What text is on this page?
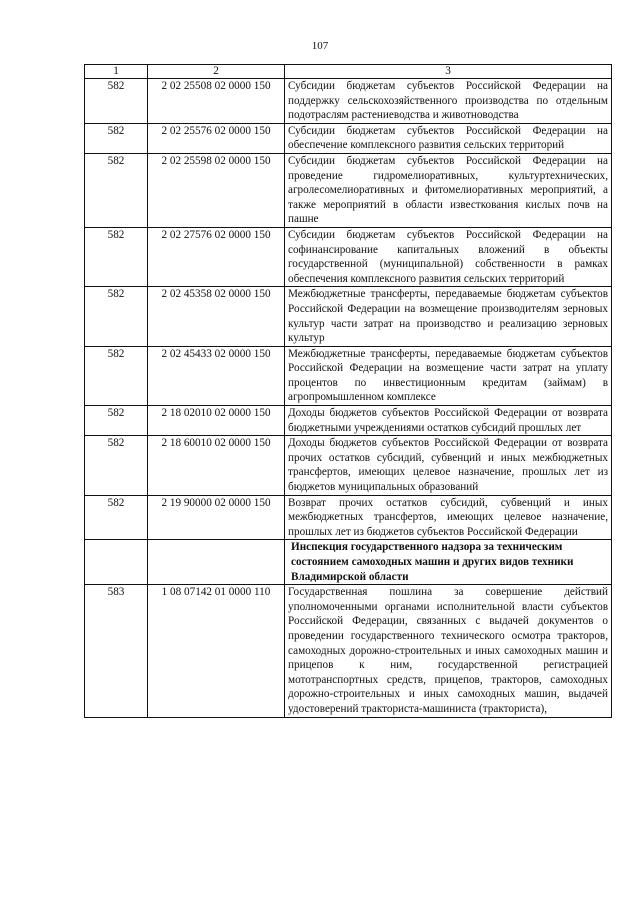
107
1	2	3
582	2 02 25508 02 0000 150	Субсидии бюджетам субъектов Российской Федерации на поддержку сельскохозяйственного производства по отдельным подотраслям растениеводства и животноводства
582	2 02 25576 02 0000 150	Субсидии бюджетам субъектов Российской Федерации на обеспечение комплексного развития сельских территорий
582	2 02 25598 02 0000 150	Субсидии бюджетам субъектов Российской Федерации на проведение гидромелиоративных, культуртехнических, агролесомелиоративных и фитомелиоративных мероприятий, а также мероприятий в области известкования кислых почв на пашне
582	2 02 27576 02 0000 150	Субсидии бюджетам субъектов Российской Федерации на софинансирование капитальных вложений в объекты государственной (муниципальной) собственности в рамках обеспечения комплексного развития сельских территорий
582	2 02 45358 02 0000 150	Межбюджетные трансферты, передаваемые бюджетам субъектов Российской Федерации на возмещение производителям зерновых культур части затрат на производство и реализацию зерновых культур
582	2 02 45433 02 0000 150	Межбюджетные трансферты, передаваемые бюджетам субъектов Российской Федерации на возмещение части затрат на уплату процентов по инвестиционным кредитам (займам) в агропромышленном комплексе
582	2 18 02010 02 0000 150	Доходы бюджетов субъектов Российской Федерации от возврата бюджетными учреждениями остатков субсидий прошлых лет
582	2 18 60010 02 0000 150	Доходы бюджетов субъектов Российской Федерации от возврата прочих остатков субсидий, субвенций и иных межбюджетных трансфертов, имеющих целевое назначение, прошлых лет из бюджетов муниципальных образований
582	2 19 90000 02 0000 150	Возврат прочих остатков субсидий, субвенций и иных межбюджетных трансфертов, имеющих целевое назначение, прошлых лет из бюджетов субъектов Российской Федерации
		Инспекция государственного надзора за техническим состоянием самоходных машин и других видов техники Владимирской области
583	1 08 07142 01 0000 110	Государственная пошлина за совершение действий уполномоченными органами исполнительной власти субъектов Российской Федерации, связанных с выдачей документов о проведении государственного технического осмотра тракторов, самоходных дорожно-строительных и иных самоходных машин и прицепов к ним, государственной регистрацией мототранспортных средств, прицепов, тракторов, самоходных дорожно-строительных и иных самоходных машин, выдачей удостоверений тракториста-машиниста (тракториста),
